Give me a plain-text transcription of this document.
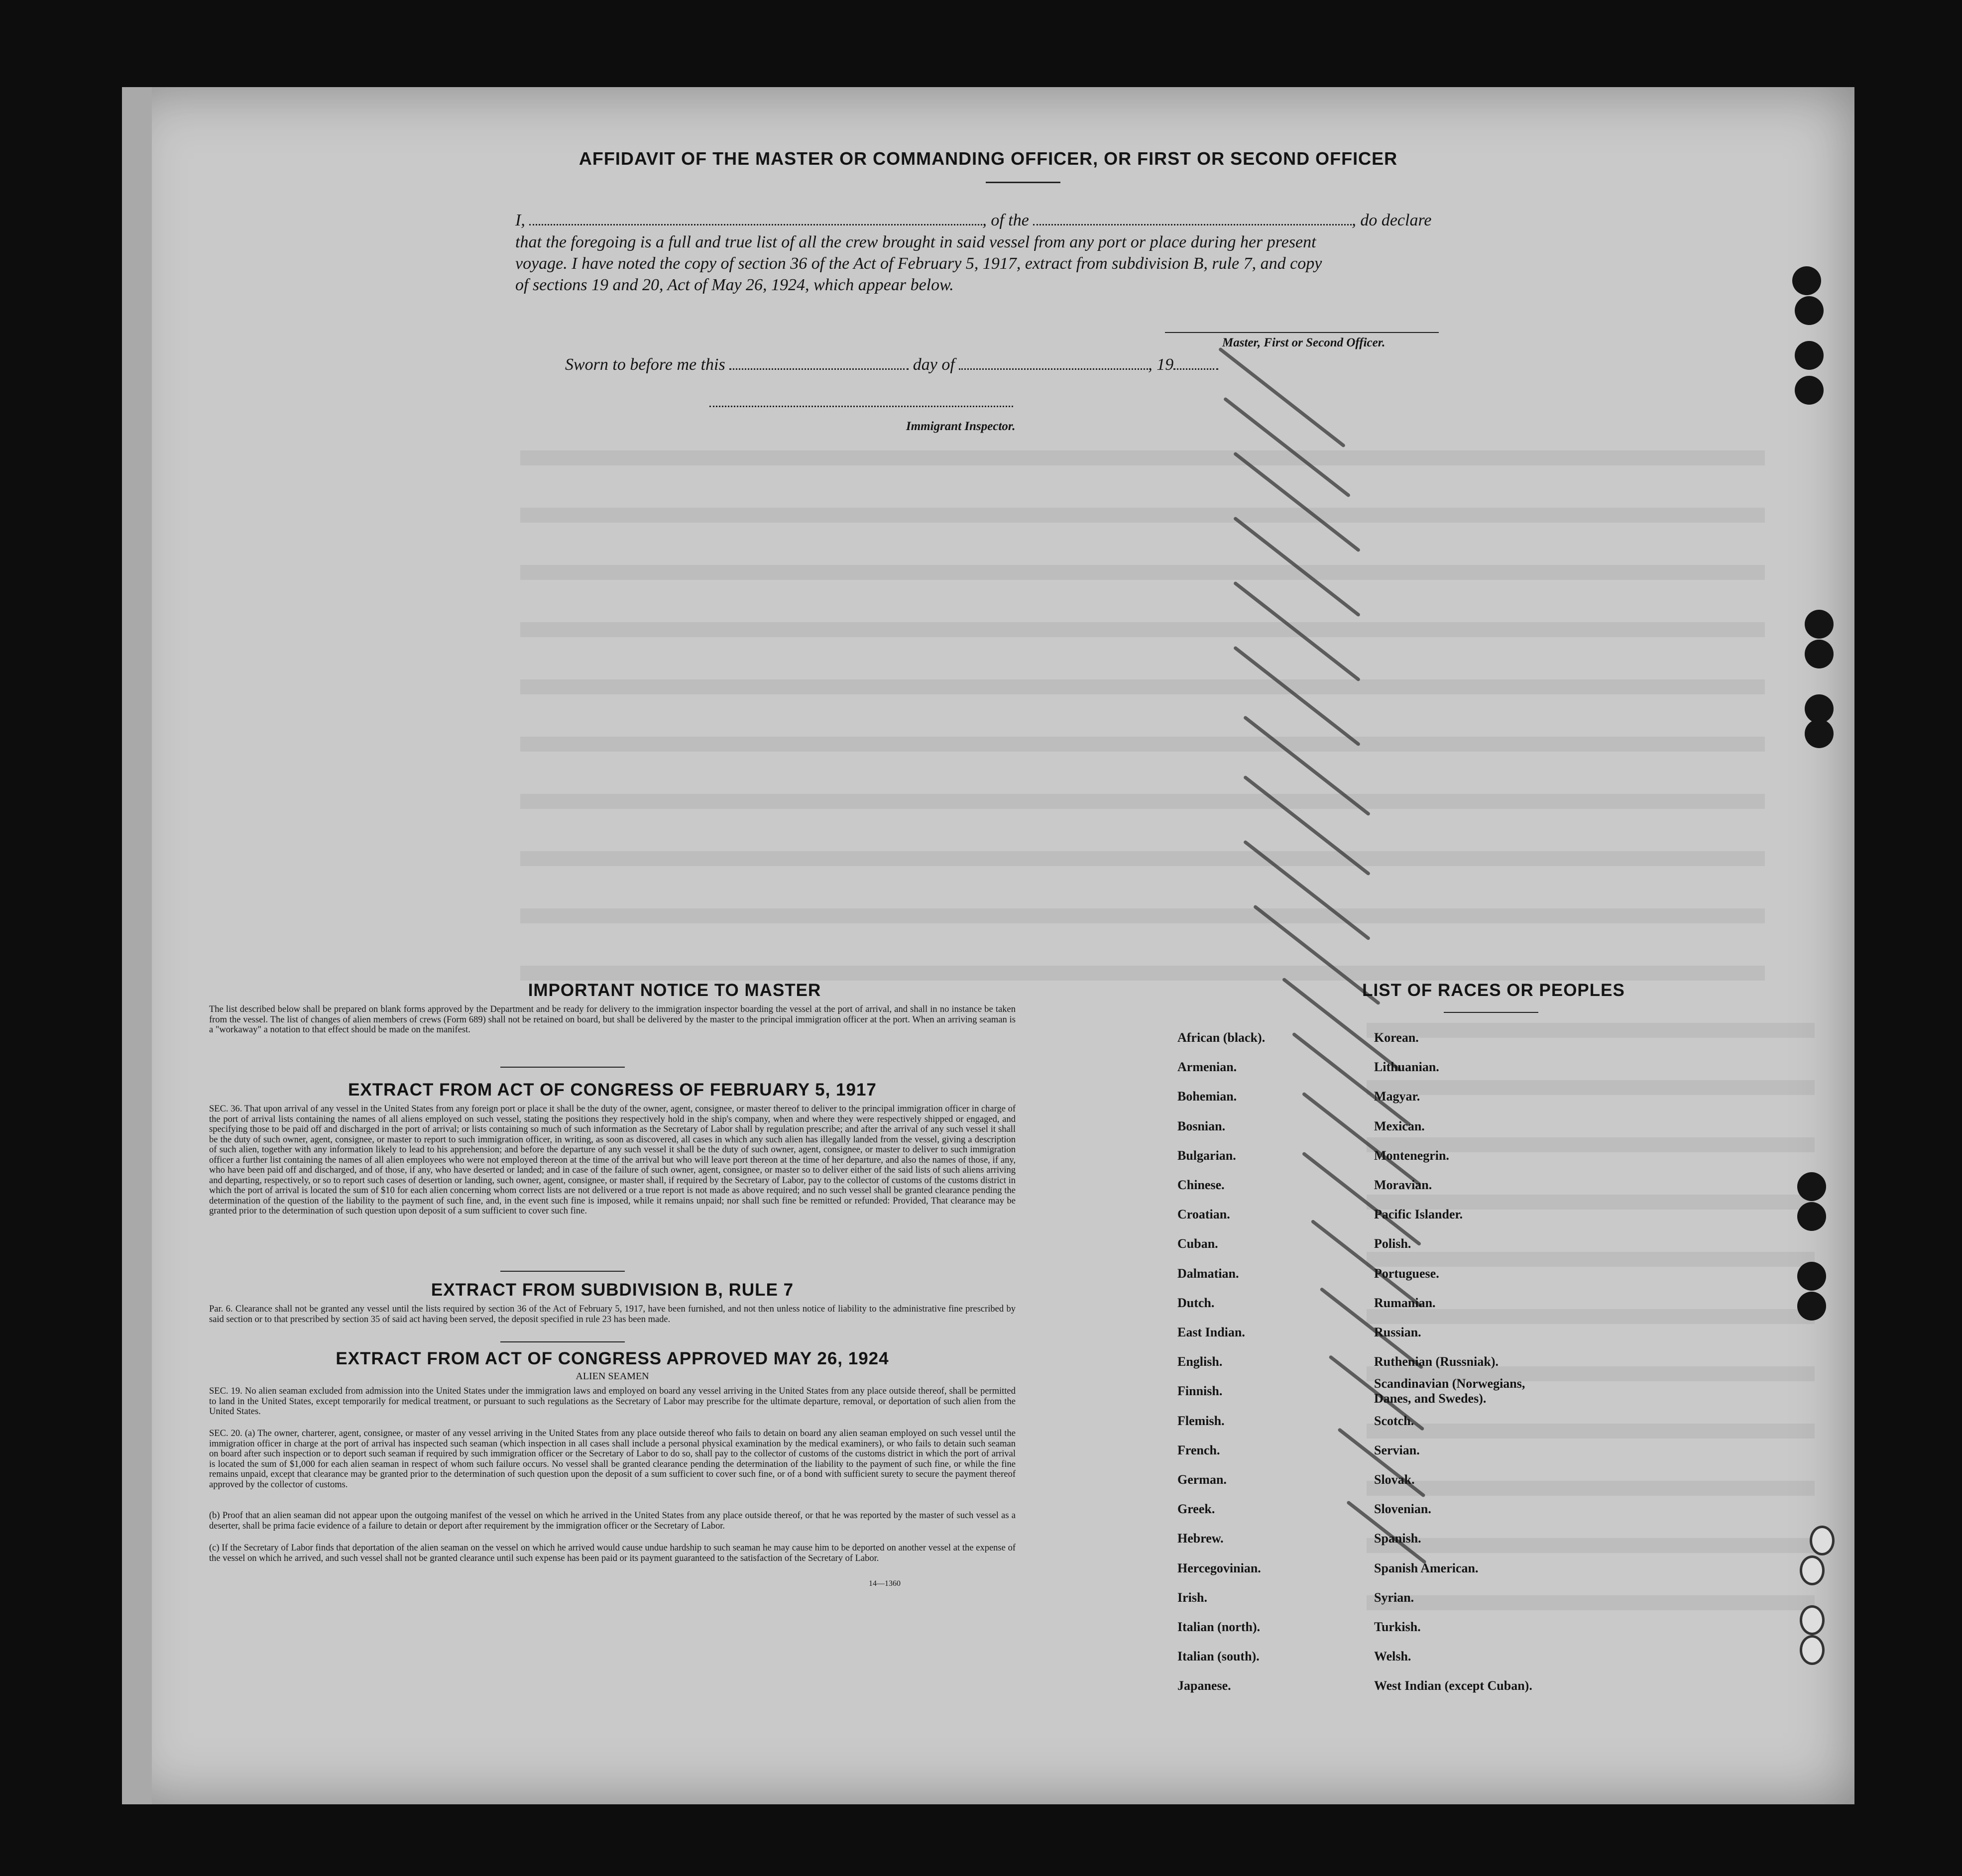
AFFIDAVIT OF THE MASTER OR COMMANDING OFFICER, OR FIRST OR SECOND OFFICER
I,	, of the	, do declare
that the foregoing is a full and true list of all the crew brought in said vessel from any port or place during her present
voyage. I have noted the copy of section 36 of the Act of February 5, 1917, extract from subdivision B, rule 7, and copy
of sections 19 and 20, Act of May 26, 1924, which appear below.
Master, First or Second Officer.
Sworn to before me this	day of	, 19
Immigrant Inspector.
IMPORTANT NOTICE TO MASTER
The list described below shall be prepared on blank forms approved by the Department and be ready for delivery to the immigration inspector boarding the vessel at the port of arrival, and shall in no instance be taken from the vessel. The list of changes of alien members of crews (Form 689) shall not be retained on board, but shall be delivered by the master to the principal immigration officer at the port. When an arriving seaman is a "workaway" a notation to that effect should be made on the manifest.
EXTRACT FROM ACT OF CONGRESS OF FEBRUARY 5, 1917
SEC. 36. That upon arrival of any vessel in the United States from any foreign port or place it shall be the duty of the owner, agent, consignee, or master thereof to deliver to the principal immigration officer in charge of the port of arrival lists containing the names of all aliens employed on such vessel, stating the positions they respectively hold in the ship's company, when and where they were respectively shipped or engaged, and specifying those to be paid off and discharged in the port of arrival; or lists containing so much of such information as the Secretary of Labor shall by regulation prescribe; and after the arrival of any such vessel it shall be the duty of such owner, agent, consignee, or master to report to such immigration officer, in writing, as soon as discovered, all cases in which any such alien has illegally landed from the vessel, giving a description of such alien, together with any information likely to lead to his apprehension; and before the departure of any such vessel it shall be the duty of such owner, agent, consignee, or master to deliver to such immigration officer a further list containing the names of all alien employees who were not employed thereon at the time of the arrival but who will leave port thereon at the time of her departure, and also the names of those, if any, who have been paid off and discharged, and of those, if any, who have deserted or landed; and in case of the failure of such owner, agent, consignee, or master so to deliver either of the said lists of such aliens arriving and departing, respectively, or so to report such cases of desertion or landing, such owner, agent, consignee, or master shall, if required by the Secretary of Labor, pay to the collector of customs of the customs district in which the port of arrival is located the sum of $10 for each alien concerning whom correct lists are not delivered or a true report is not made as above required; and no such vessel shall be granted clearance pending the determination of the question of the liability to the payment of such fine, and, in the event such fine is imposed, while it remains unpaid; nor shall such fine be remitted or refunded: Provided, That clearance may be granted prior to the determination of such question upon deposit of a sum sufficient to cover such fine.
EXTRACT FROM SUBDIVISION B, RULE 7
Par. 6. Clearance shall not be granted any vessel until the lists required by section 36 of the Act of February 5, 1917, have been furnished, and not then unless notice of liability to the administrative fine prescribed by said section or to that prescribed by section 35 of said act having been served, the deposit specified in rule 23 has been made.
EXTRACT FROM ACT OF CONGRESS APPROVED MAY 26, 1924
ALIEN SEAMEN
SEC. 19. No alien seaman excluded from admission into the United States under the immigration laws and employed on board any vessel arriving in the United States from any place outside thereof, shall be permitted to land in the United States, except temporarily for medical treatment, or pursuant to such regulations as the Secretary of Labor may prescribe for the ultimate departure, removal, or deportation of such alien from the United States.
SEC. 20. (a) The owner, charterer, agent, consignee, or master of any vessel arriving in the United States from any place outside thereof who fails to detain on board any alien seaman employed on such vessel until the immigration officer in charge at the port of arrival has inspected such seaman (which inspection in all cases shall include a personal physical examination by the medical examiners), or who fails to detain such seaman on board after such inspection or to deport such seaman if required by such immigration officer or the Secretary of Labor to do so, shall pay to the collector of customs of the customs district in which the port of arrival is located the sum of $1,000 for each alien seaman in respect of whom such failure occurs. No vessel shall be granted clearance pending the determination of the liability to the payment of such fine, or while the fine remains unpaid, except that clearance may be granted prior to the determination of such question upon the deposit of a sum sufficient to cover such fine, or of a bond with sufficient surety to secure the payment thereof approved by the collector of customs.
(b) Proof that an alien seaman did not appear upon the outgoing manifest of the vessel on which he arrived in the United States from any place outside thereof, or that he was reported by the master of such vessel as a deserter, shall be prima facie evidence of a failure to detain or deport after requirement by the immigration officer or the Secretary of Labor.
(c) If the Secretary of Labor finds that deportation of the alien seaman on the vessel on which he arrived would cause undue hardship to such seaman he may cause him to be deported on another vessel at the expense of the vessel on which he arrived, and such vessel shall not be granted clearance until such expense has been paid or its payment guaranteed to the satisfaction of the Secretary of Labor.
14—1360
LIST OF RACES OR PEOPLES
African (black).
Armenian.
Bohemian.
Bosnian.
Bulgarian.
Chinese.
Croatian.
Cuban.
Dalmatian.
Dutch.
East Indian.
English.
Finnish.
Flemish.
French.
German.
Greek.
Hebrew.
Hercegovinian.
Irish.
Italian (north).
Italian (south).
Japanese.
Korean.
Lithuanian.
Magyar.
Mexican.
Montenegrin.
Moravian.
Pacific Islander.
Polish.
Portuguese.
Rumanian.
Russian.
Ruthenian (Russniak).
Scandinavian (Norwegians,
Danes, and Swedes).
Scotch.
Servian.
Slovak.
Slovenian.
Spanish.
Spanish American.
Syrian.
Turkish.
Welsh.
West Indian (except Cuban).
